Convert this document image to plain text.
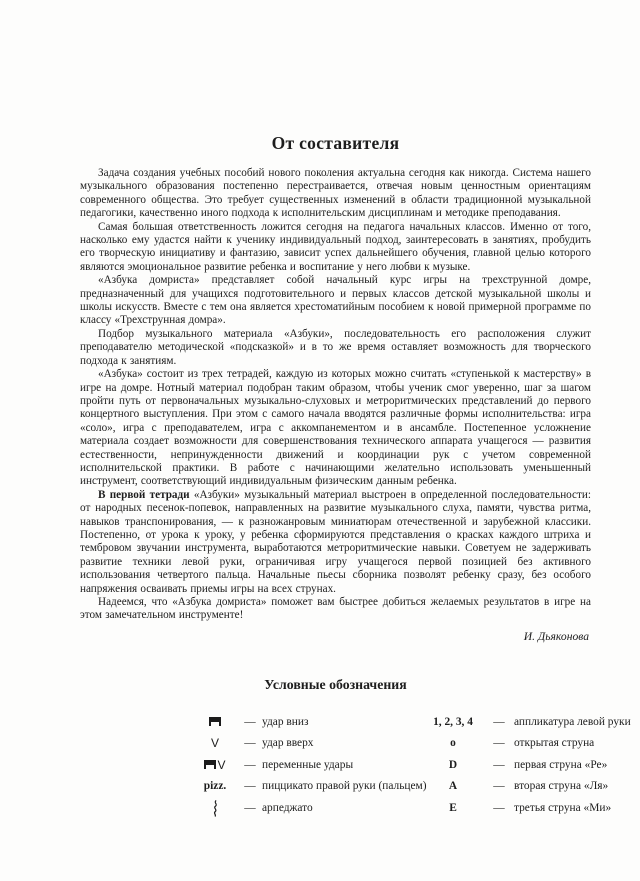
От составителя

Задача создания учебных пособий нового поколения актуальна сегодня как никогда. Система нашего музыкального образования постепенно перестраивается, отвечая новым ценностным ориентациям современного общества. Это требует существенных изменений в области традиционной музыкальной педагогики, качественно иного подхода к исполнительским дисциплинам и методике преподавания.

Самая большая ответственность ложится сегодня на педагога начальных классов. Именно от того, насколько ему удастся найти к ученику индивидуальный подход, заинтересовать в занятиях, пробудить его творческую инициативу и фантазию, зависит успех дальнейшего обучения, главной целью которого являются эмоциональное развитие ребенка и воспитание у него любви к музыке.

«Азбука домриста» представляет собой начальный курс игры на трехструнной домре, предназначенный для учащихся подготовительного и первых классов детской музыкальной школы и школы искусств. Вместе с тем она является хрестоматийным пособием к новой примерной программе по классу «Трехструнная домра».

Подбор музыкального материала «Азбуки», последовательность его расположения служит преподавателю методической «подсказкой» и в то же время оставляет возможность для творческого подхода к занятиям.

«Азбука» состоит из трех тетрадей, каждую из которых можно считать «ступенькой к мастерству» в игре на домре. Нотный материал подобран таким образом, чтобы ученик смог уверенно, шаг за шагом пройти путь от первоначальных музыкально-слуховых и метроритмических представлений до первого концертного выступления. При этом с самого начала вводятся различные формы исполнительства: игра «соло», игра с преподавателем, игра с аккомпанементом и в ансамбле. Постепенное усложнение материала создает возможности для совершенствования технического аппарата учащегося — развития естественности, непринужденности движений и координации рук с учетом современной исполнительской практики. В работе с начинающими желательно использовать уменьшенный инструмент, соответствующий индивидуальным физическим данным ребенка.

В первой тетради «Азбуки» музыкальный материал выстроен в определенной последовательности: от народных песенок-попевок, направленных на развитие музыкального слуха, памяти, чувства ритма, навыков транспонирования, — к разножанровым миниатюрам отечественной и зарубежной классики. Постепенно, от урока к уроку, у ребенка сформируются представления о красках каждого штриха и тембровом звучании инструмента, выработаются метроритмические навыки. Советуем не задерживать развитие техники левой руки, ограничивая игру учащегося первой позицией без активного использования четвертого пальца. Начальные пьесы сборника позволят ребенку сразу, без особого напряжения осваивать приемы игры на всех струнах.

Надеемся, что «Азбука домриста» поможет вам быстрее добиться желаемых результатов в игре на этом замечательном инструменте!

И. Дьяконова
Условные обозначения
— удар вниз	1, 2, 3, 4	— аппликатура левой руки
V	— удар вверх	o	— открытая струна
V	— переменные удары	D	— первая струна «Ре»
pizz.	— пиццикато правой руки (пальцем)	A	— вторая струна «Ля»
— арпеджато	E	— третья струна «Ми»
